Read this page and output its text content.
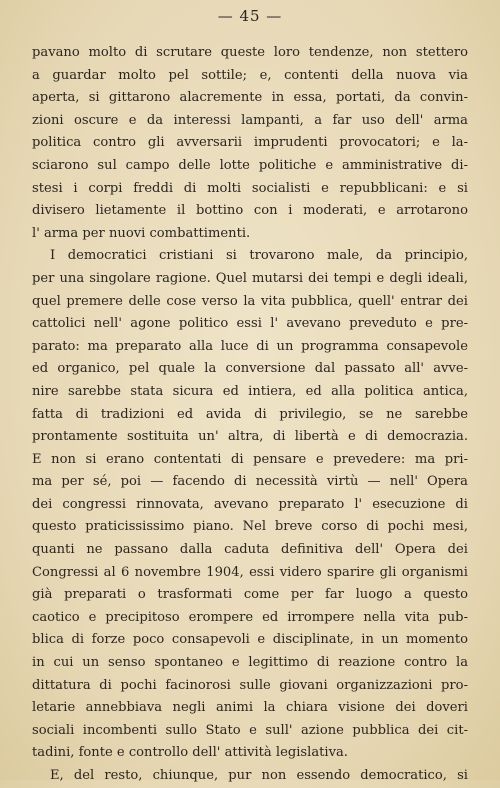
— 45 —
pavano molto di scrutare queste loro tendenze, non stettero
a guardar molto pel sottile; e, contenti della nuova via
aperta, si gittarono alacremente in essa, portati, da convin-
zioni oscure e da interessi lampanti, a far uso dell' arma
politica contro gli avversarii imprudenti provocatori; e la-
sciarono sul campo delle lotte politiche e amministrative di-
stesi i corpi freddi di molti socialisti e repubblicani: e si
divisero lietamente il bottino con i moderati, e arrotarono
l' arma per nuovi combattimenti.
I democratici cristiani si trovarono male, da principio,
per una singolare ragione. Quel mutarsi dei tempi e degli ideali,
quel premere delle cose verso la vita pubblica, quell' entrar dei
cattolici nell' agone politico essi l' avevano preveduto e pre-
parato: ma preparato alla luce di un programma consapevole
ed organico, pel quale la conversione dal passato all' avve-
nire sarebbe stata sicura ed intiera, ed alla politica antica,
fatta di tradizioni ed avida di privilegio, se ne sarebbe
prontamente sostituita un' altra, di libertà e di democrazia.
E non si erano contentati di pensare e prevedere: ma pri-
ma per sé, poi — facendo di necessità virtù — nell' Opera
dei congressi rinnovata, avevano preparato l' esecuzione di
questo praticississimo piano. Nel breve corso di pochi mesi,
quanti ne passano dalla caduta definitiva dell' Opera dei
Congressi al 6 novembre 1904, essi videro sparire gli organismi
già preparati o trasformati come per far luogo a questo
caotico e precipitoso erompere ed irrompere nella vita pub-
blica di forze poco consapevoli e disciplinate, in un momento
in cui un senso spontaneo e legittimo di reazione contro la
dittatura di pochi facinorosi sulle giovani organizzazioni pro-
letarie annebbiava negli animi la chiara visione dei doveri
sociali incombenti sullo Stato e sull' azione pubblica dei cit-
tadini, fonte e controllo dell' attività legislativa.
E, del resto, chiunque, pur non essendo democratico, si
